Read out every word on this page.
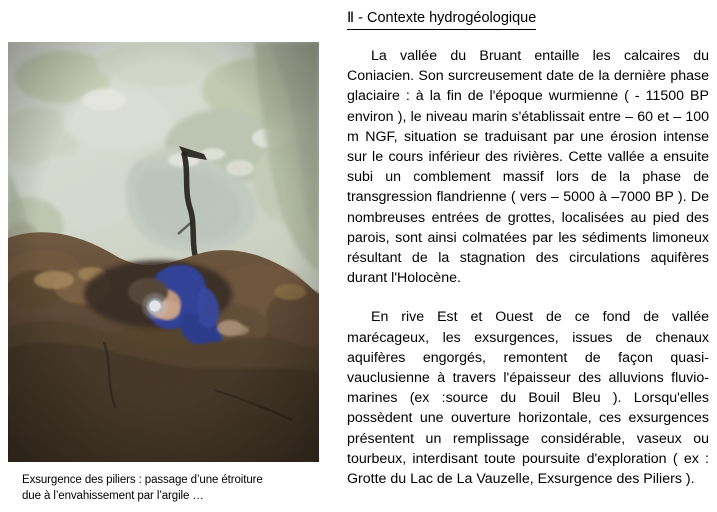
Exsurgence des piliers : passage d’une étroiture
due à l’envahissement par l’argile …
Ⅱ - Contexte hydrogéologique

La vallée du Bruant entaille les calcaires du Coniacien. Son surcreusement date de la dernière phase glaciaire : à la fin de l'époque wurmienne ( - 11500 BP environ ), le niveau marin s'établissait entre – 60 et – 100 m NGF, situation se traduisant par une érosion intense sur le cours inférieur des rivières. Cette vallée a ensuite subi un comblement massif lors de la phase de transgression flandrienne ( vers – 5000 à –7000 BP ). De nombreuses entrées de grottes, localisées au pied des parois, sont ainsi colmatées par les sédiments limoneux résultant de la stagnation des circulations aquifères durant l'Holocène.

En rive Est et Ouest de ce fond de vallée marécageux, les exsurgences, issues de chenaux aquifères engorgés, remontent de façon quasi-vauclusienne à travers l'épaisseur des alluvions fluvio-marines (ex :source du Bouil Bleu ). Lorsqu'elles possèdent une ouverture horizontale, ces exsurgences présentent un remplissage considérable, vaseux ou tourbeux, interdisant toute poursuite d'exploration ( ex : Grotte du Lac de La Vauzelle, Exsurgence des Piliers ).
